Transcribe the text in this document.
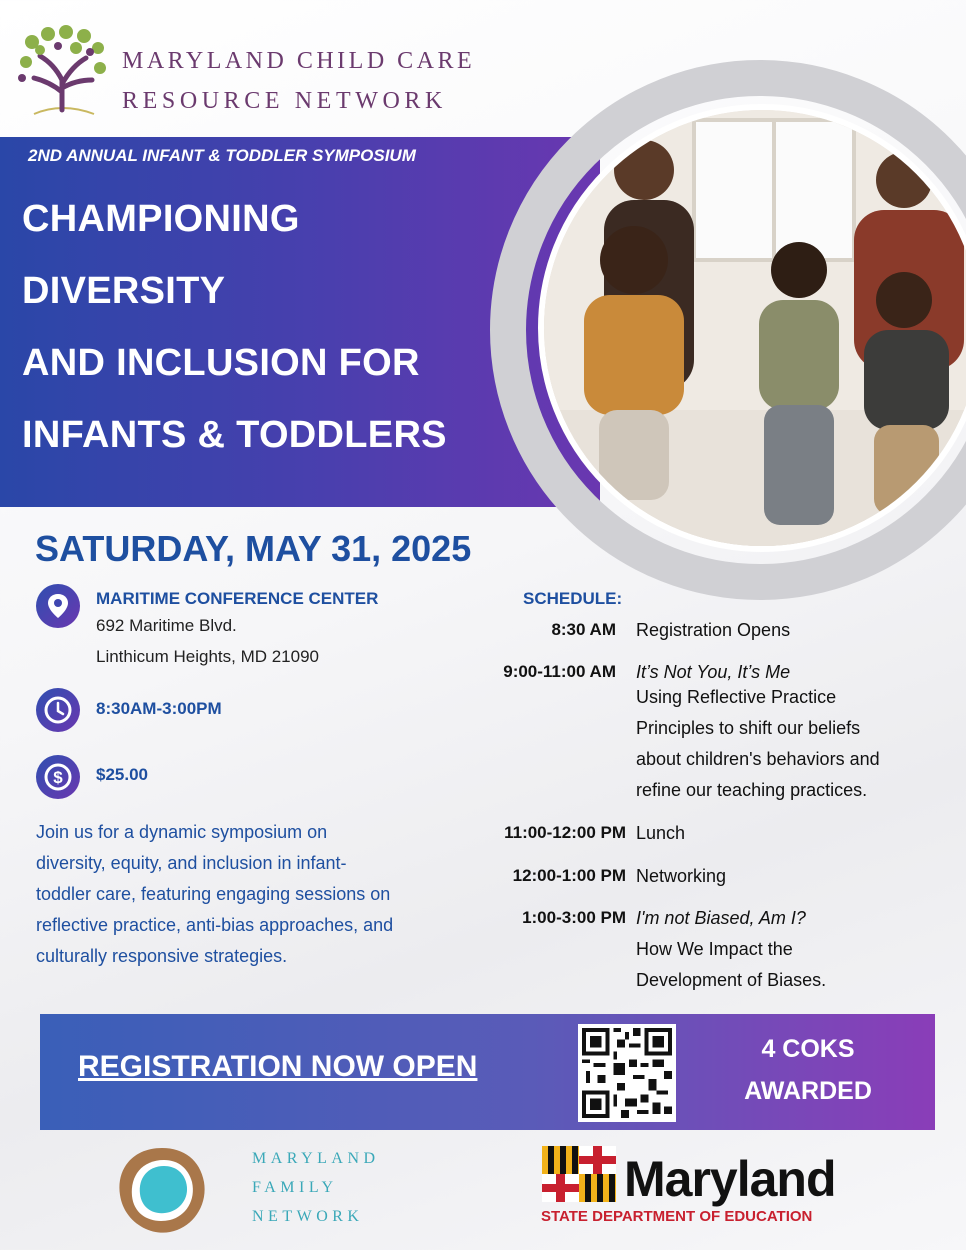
MARYLAND CHILD CARE
RESOURCE NETWORK
2ND ANNUAL INFANT & TODDLER SYMPOSIUM
CHAMPIONING
DIVERSITY
AND INCLUSION FOR
INFANTS & TODDLERS
SATURDAY, MAY 31, 2025
MARITIME CONFERENCE CENTER
692 Maritime Blvd.
Linthicum Heights, MD 21090
8:30AM-3:00PM
$ $25.00
Join us for a dynamic symposium on
diversity, equity, and inclusion in infant-
toddler care, featuring engaging sessions on
reflective practice, anti-bias approaches, and
culturally responsive strategies.
SCHEDULE:
8:30 AM Registration Opens
9:00-11:00 AM It’s Not You, It’s Me
Using Reflective Practice
Principles to shift our beliefs
about children's behaviors and
refine our teaching practices.
11:00-12:00 PM Lunch
12:00-1:00 PM Networking
1:00-3:00 PM I'm not Biased, Am I?
How We Impact the
Development of Biases.
REGISTRATION NOW OPEN
4 COKS
AWARDED
MARYLAND
FAMILY
NETWORK
Maryland
STATE DEPARTMENT OF EDUCATION
